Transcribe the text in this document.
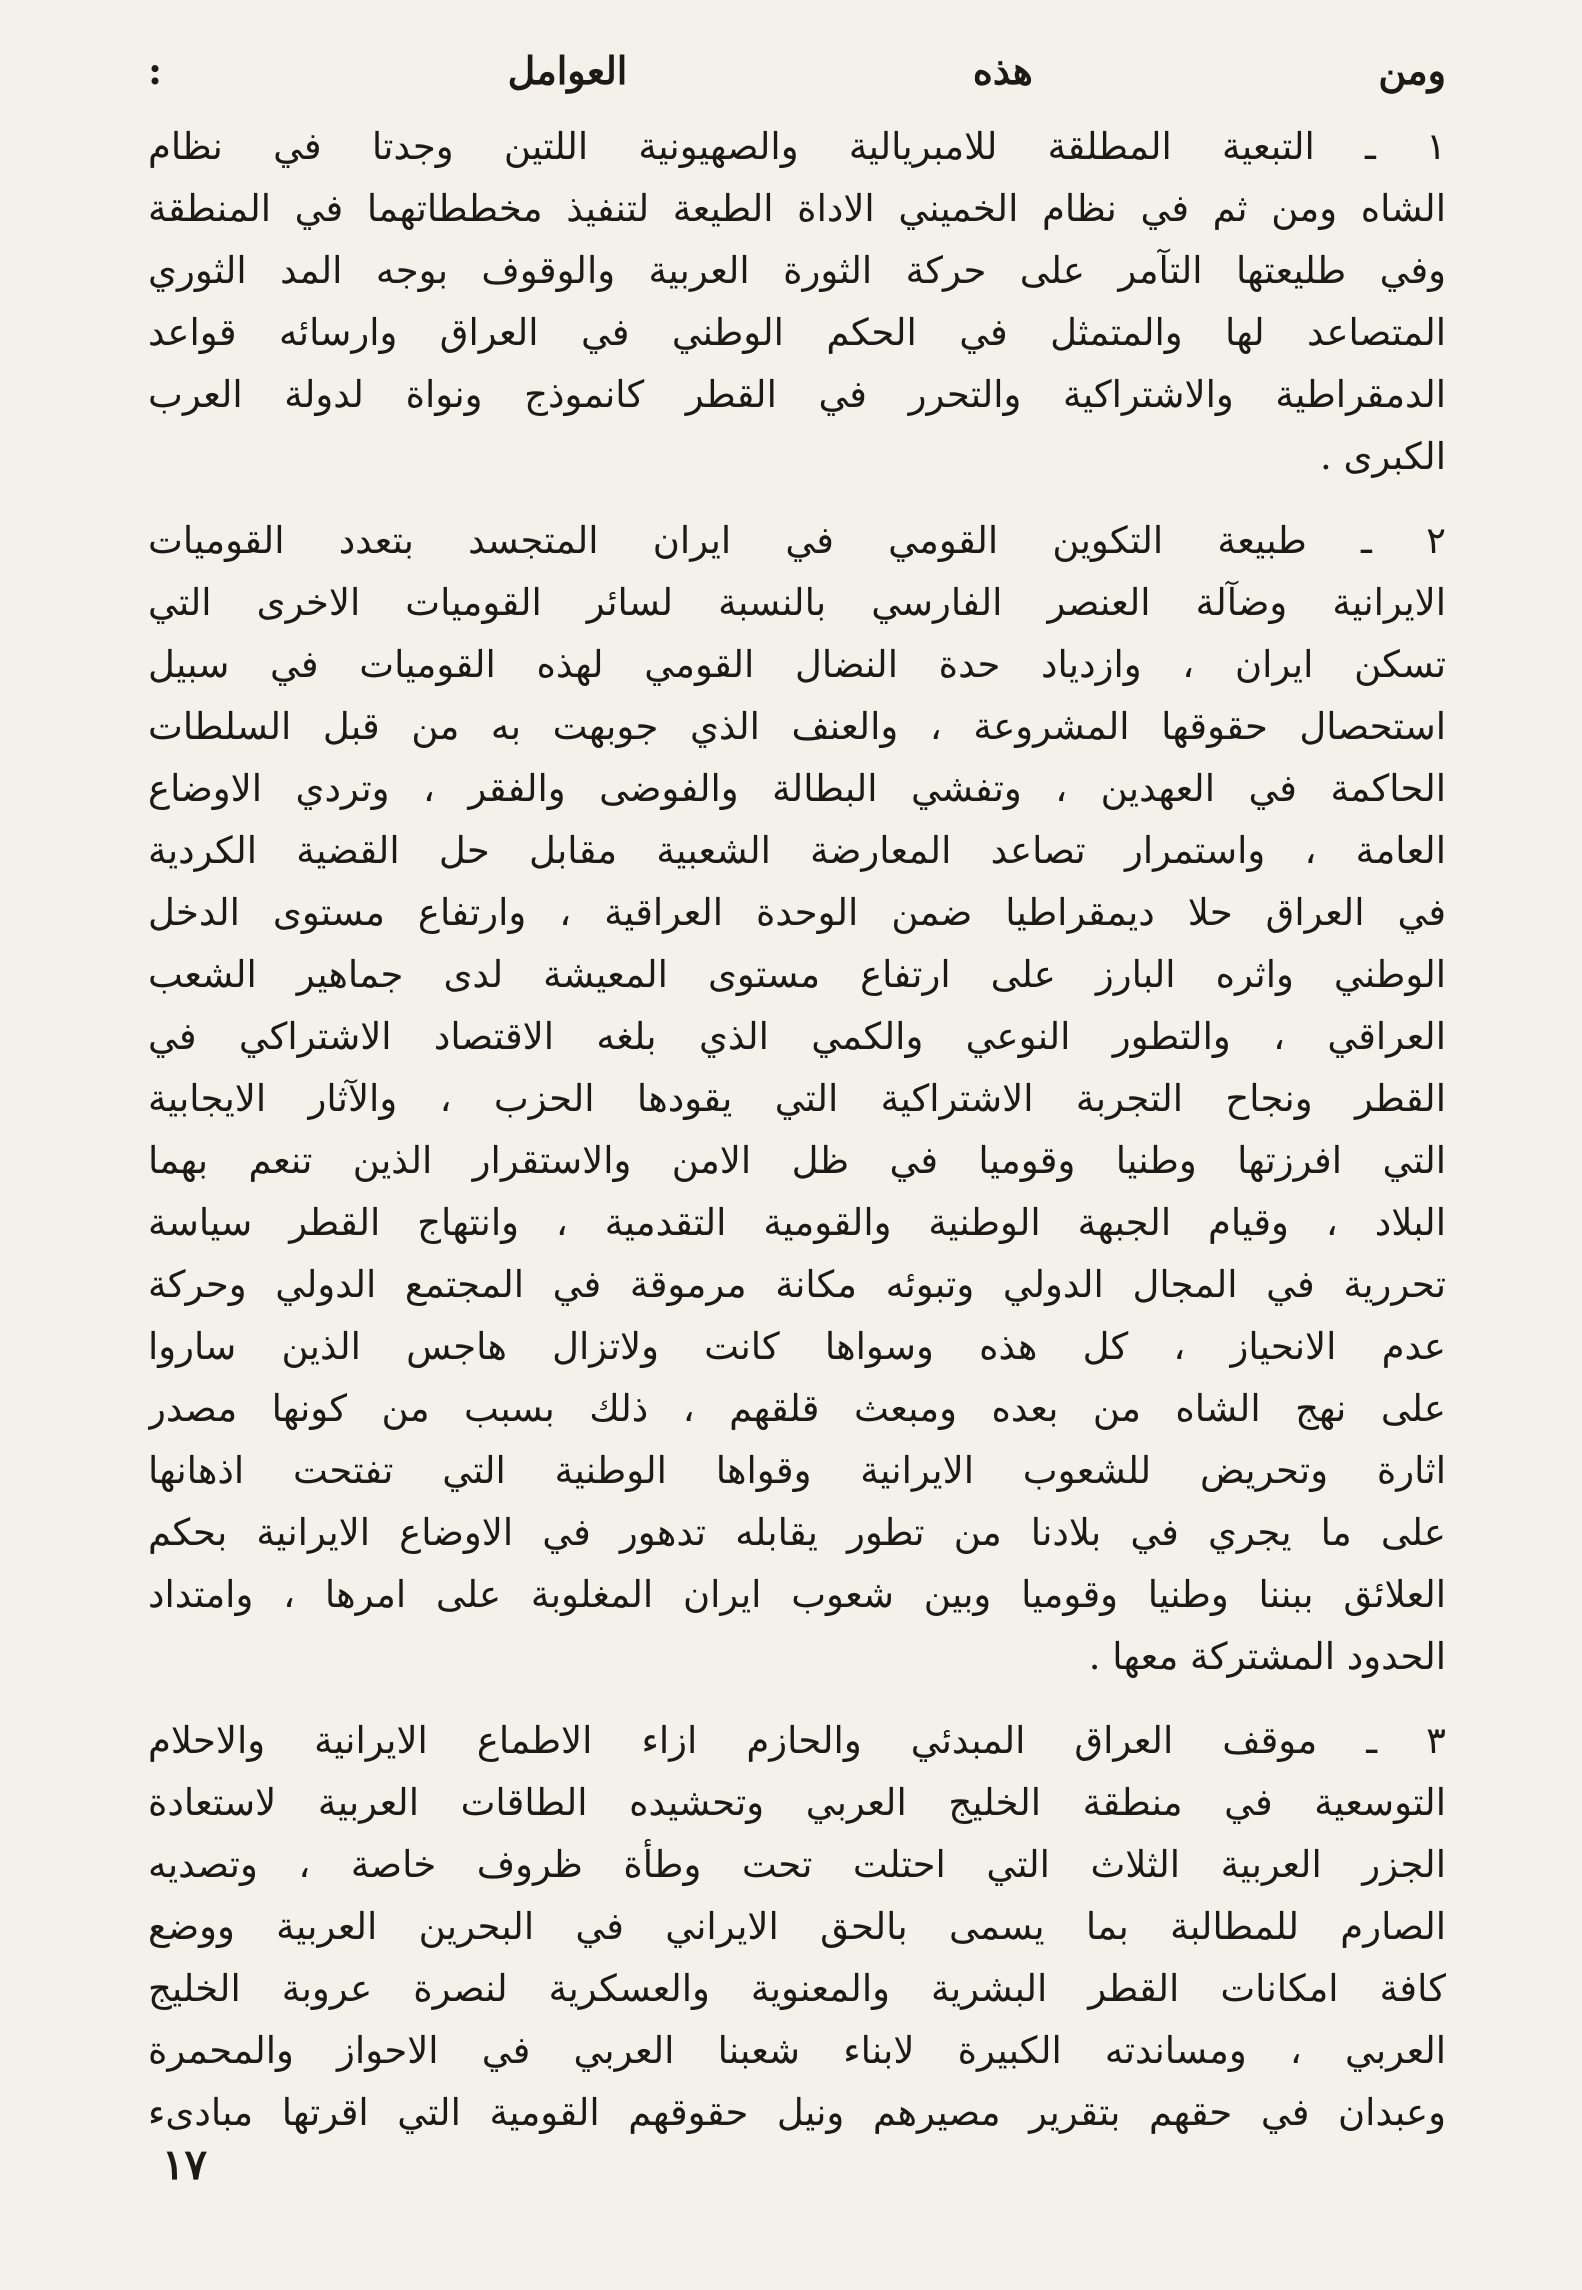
ومن هذه العوامل :
١ ـ التبعية المطلقة للامبريالية والصهيونية اللتين وجدتا في نظام
الشاه ومن ثم في نظام الخميني الاداة الطيعة لتنفيذ مخططاتهما في المنطقة
وفي طليعتها التآمر على حركة الثورة العربية والوقوف بوجه المد الثوري
المتصاعد لها والمتمثل في الحكم الوطني في العراق وارسائه قواعد
الدمقراطية والاشتراكية والتحرر في القطر كانموذج ونواة لدولة العرب
الكبرى .
٢ ـ طبيعة التكوين القومي في ايران المتجسد بتعدد القوميات
الايرانية وضآلة العنصر الفارسي بالنسبة لسائر القوميات الاخرى التي
تسكن ايران ، وازدياد حدة النضال القومي لهذه القوميات في سبيل
استحصال حقوقها المشروعة ، والعنف الذي جوبهت به من قبل السلطات
الحاكمة في العهدين ، وتفشي البطالة والفوضى والفقر ، وتردي الاوضاع
العامة ، واستمرار تصاعد المعارضة الشعبية مقابل حل القضية الكردية
في العراق حلا ديمقراطيا ضمن الوحدة العراقية ، وارتفاع مستوى الدخل
الوطني واثره البارز على ارتفاع مستوى المعيشة لدى جماهير الشعب
العراقي ، والتطور النوعي والكمي الذي بلغه الاقتصاد الاشتراكي في
القطر ونجاح التجربة الاشتراكية التي يقودها الحزب ، والآثار الايجابية
التي افرزتها وطنيا وقوميا في ظل الامن والاستقرار الذين تنعم بهما
البلاد ، وقيام الجبهة الوطنية والقومية التقدمية ، وانتهاج القطر سياسة
تحررية في المجال الدولي وتبوئه مكانة مرموقة في المجتمع الدولي وحركة
عدم الانحياز ، كل هذه وسواها كانت ولاتزال هاجس الذين ساروا
على نهج الشاه من بعده ومبعث قلقهم ، ذلك بسبب من كونها مصدر
اثارة وتحريض للشعوب الايرانية وقواها الوطنية التي تفتحت اذهانها
على ما يجري في بلادنا من تطور يقابله تدهور في الاوضاع الايرانية بحكم
العلائق ببننا وطنيا وقوميا وبين شعوب ايران المغلوبة على امرها ، وامتداد
الحدود المشتركة معها .
٣ ـ موقف العراق المبدئي والحازم ازاء الاطماع الايرانية والاحلام
التوسعية في منطقة الخليج العربي وتحشيده الطاقات العربية لاستعادة
الجزر العربية الثلاث التي احتلت تحت وطأة ظروف خاصة ، وتصديه
الصارم للمطالبة بما يسمى بالحق الايراني في البحرين العربية ووضع
كافة امكانات القطر البشرية والمعنوية والعسكرية لنصرة عروبة الخليج
العربي ، ومساندته الكبيرة لابناء شعبنا العربي في الاحواز والمحمرة
وعبدان في حقهم بتقرير مصيرهم ونيل حقوقهم القومية التي اقرتها مبادىء
١٧
